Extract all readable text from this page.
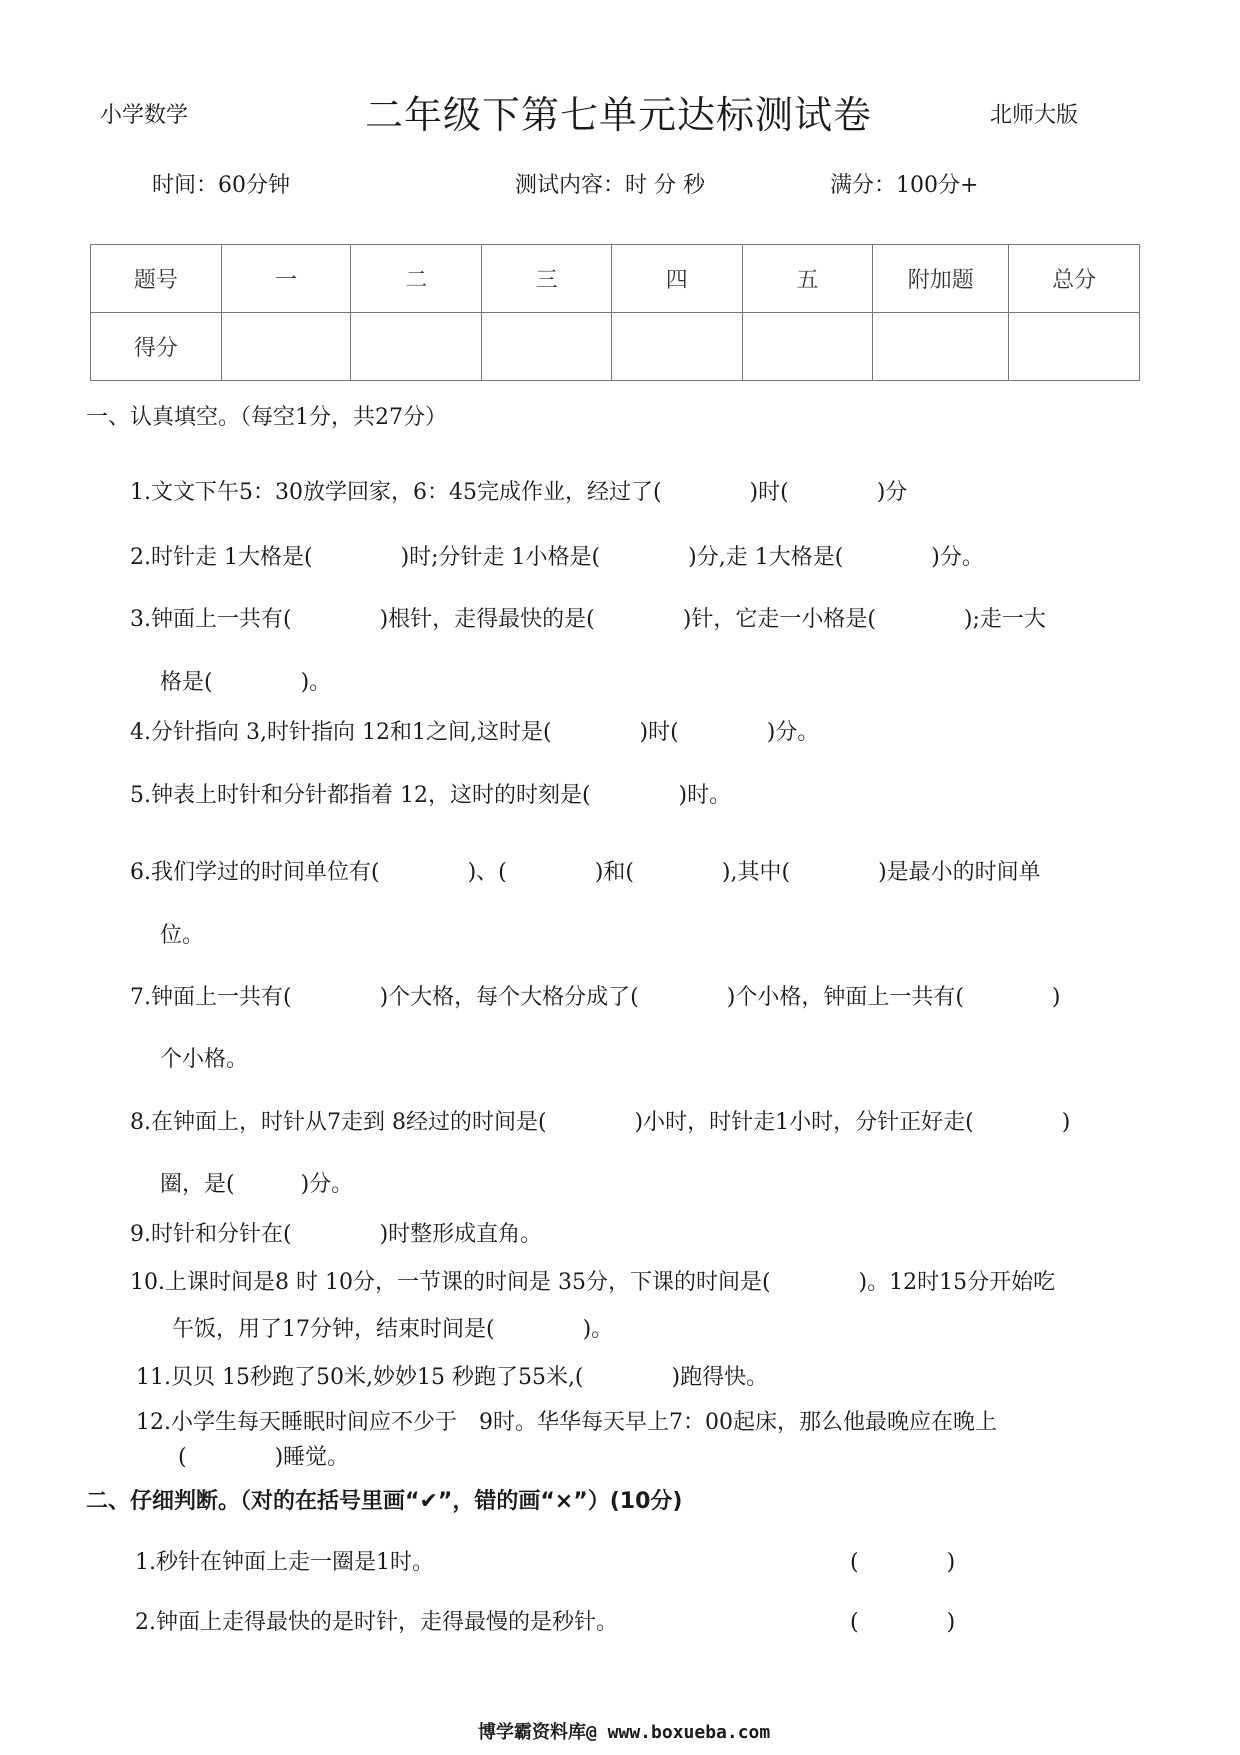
小学数学	二年级下第七单元达标测试卷	北师大版
时间：60分钟	测试内容：时 分 秒	满分：100分+
题号	一	二	三	四	五	附加题	总分
得分							
一、认真填空。（每空1分，共27分）
1.文文下午5：30放学回家，6：45完成作业，经过了(　　　　)时(　　　　)分
2.时针走 1大格是(　　　　)时;分针走 1小格是(　　　　)分,走 1大格是(　　　　)分。
3.钟面上一共有(　　　　)根针，走得最快的是(　　　　)针，它走一小格是(　　　　);走一大
格是(　　　　)。
4.分针指向 3,时针指向 12和1之间,这时是(　　　　)时(　　　　)分。
5.钟表上时针和分针都指着 12，这时的时刻是(　　　　)时。
6.我们学过的时间单位有(　　　　)、(　　　　)和(　　　　),其中(　　　　)是最小的时间单
位。
7.钟面上一共有(　　　　)个大格，每个大格分成了(　　　　)个小格，钟面上一共有(　　　　)
个小格。
8.在钟面上，时针从7走到 8经过的时间是(　　　　)小时，时针走1小时，分针正好走(　　　　)
圈，是(　　　)分。
9.时针和分针在(　　　　)时整形成直角。
10.上课时间是8 时 10分，一节课的时间是 35分，下课的时间是(　　　　)。12时15分开始吃
午饭，用了17分钟，结束时间是(　　　　)。
11.贝贝 15秒跑了50米,妙妙15 秒跑了55米,(　　　　)跑得快。
12.小学生每天睡眠时间应不少于　9时。华华每天早上7：00起床，那么他最晚应在晚上
(　　　　)睡觉。
二、仔细判断。（对的在括号里画“✔”，错的画“×”）(10分)
1.秒针在钟面上走一圈是1时。	(　　　　)
2.钟面上走得最快的是时针，走得最慢的是秒针。	(　　　　)
博学霸资料库@ www.boxueba.com
